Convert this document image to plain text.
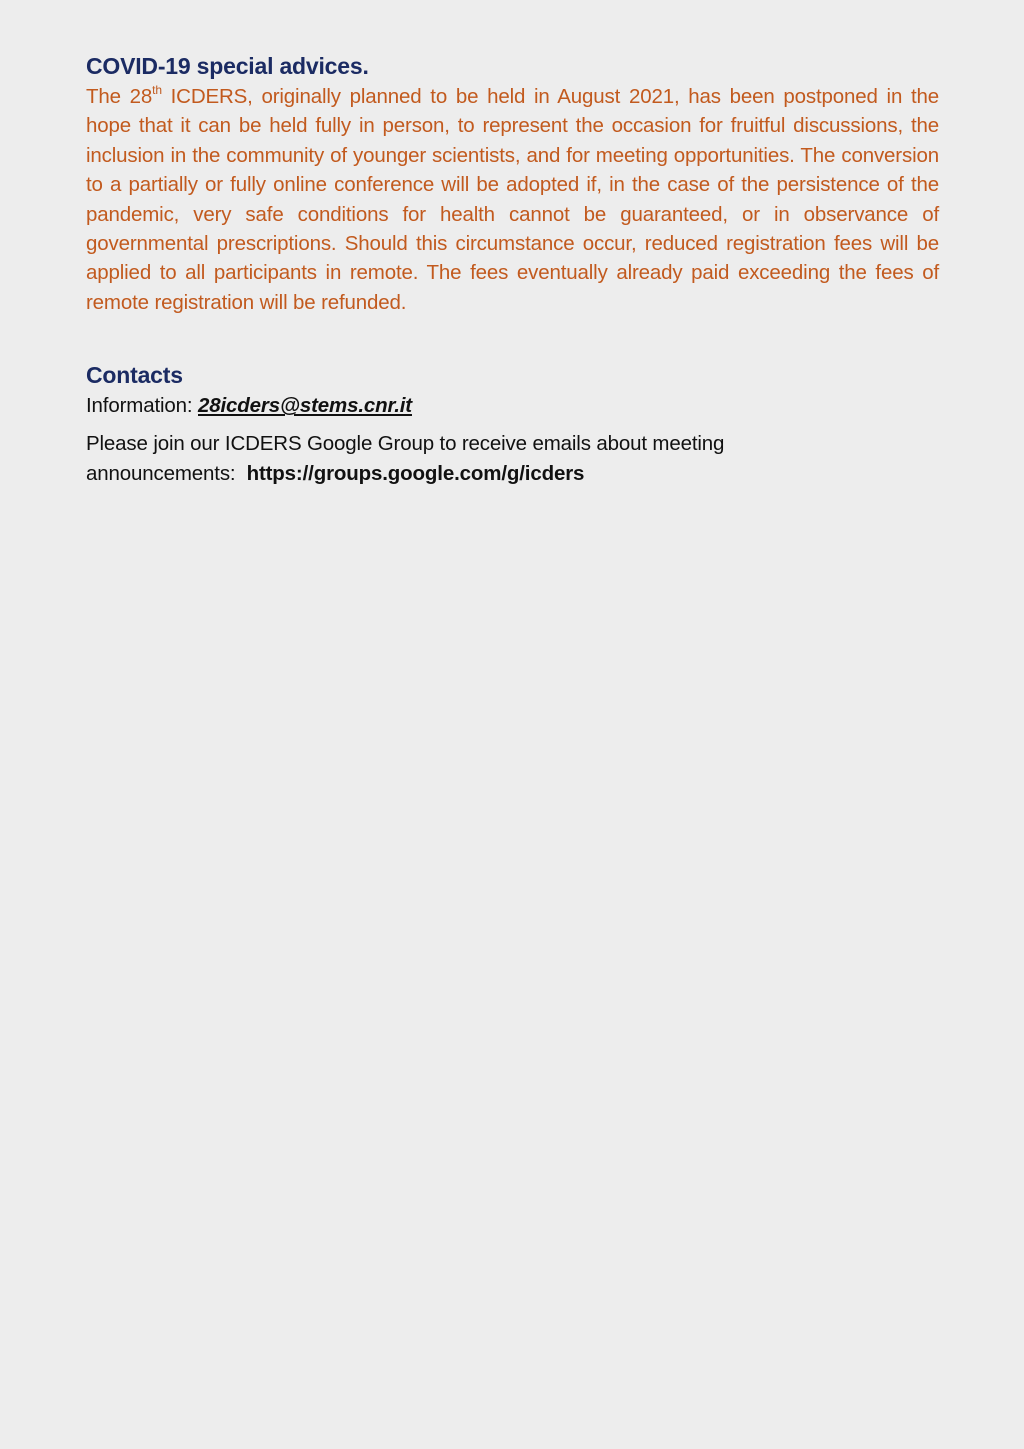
COVID-19 special advices.

The 28th ICDERS, originally planned to be held in August 2021, has been postponed in the hope that it can be held fully in person, to represent the occasion for fruitful discussions, the inclusion in the community of younger scientists, and for meeting opportunities. The conversion to a partially or fully online conference will be adopted if, in the case of the persistence of the pandemic, very safe conditions for health cannot be guaranteed, or in observance of governmental prescriptions. Should this circumstance occur, reduced registration fees will be applied to all participants in remote. The fees eventually already paid exceeding the fees of remote registration will be refunded.

Contacts

Information: 28icders@stems.cnr.it

Please join our ICDERS Google Group to receive emails about meeting
announcements:  https://groups.google.com/g/icders
